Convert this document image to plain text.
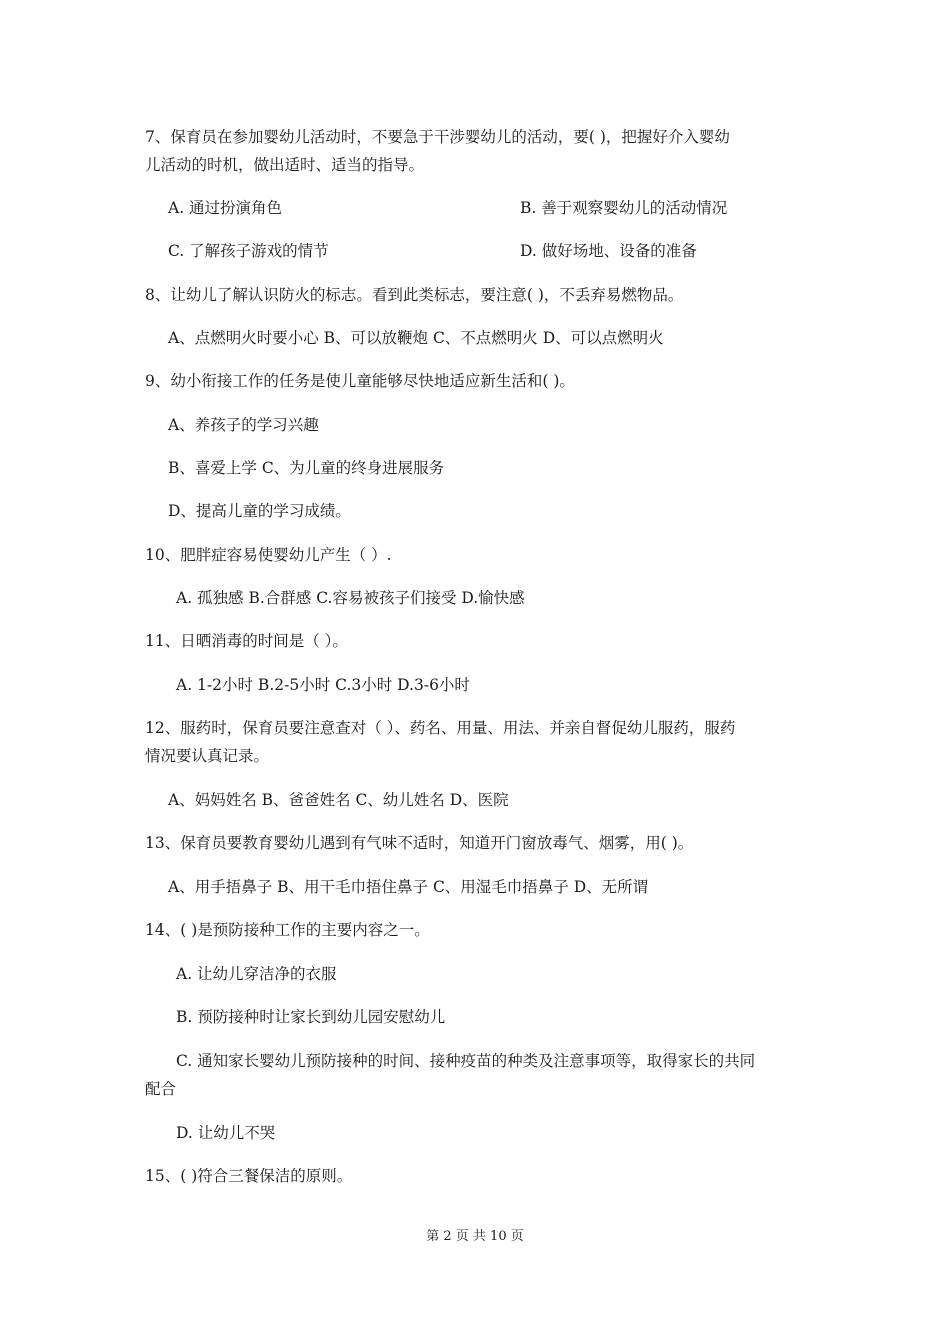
7、保育员在参加婴幼儿活动时，不要急于干涉婴幼儿的活动，要( )，把握好介入婴幼
儿活动的时机，做出适时、适当的指导。
A. 通过扮演角色	B. 善于观察婴幼儿的活动情况
C. 了解孩子游戏的情节	D. 做好场地、设备的准备
8、让幼儿了解认识防火的标志。看到此类标志，要注意( )，不丢弃易燃物品。
A、点燃明火时要小心 B、可以放鞭炮 C、不点燃明火 D、可以点燃明火
9、幼小衔接工作的任务是使儿童能够尽快地适应新生活和( )。
A、养孩子的学习兴趣
B、喜爱上学 C、为儿童的终身进展服务
D、提高儿童的学习成绩。
10、肥胖症容易使婴幼儿产生（ ）.
A. 孤独感 B.合群感 C.容易被孩子们接受 D.愉快感
11、日晒消毒的时间是（ ）。
A. 1-2小时 B.2-5小时 C.3小时 D.3-6小时
12、服药时，保育员要注意查对（ ）、药名、用量、用法、并亲自督促幼儿服药，服药
情况要认真记录。
A、妈妈姓名 B、爸爸姓名 C、幼儿姓名 D、医院
13、保育员要教育婴幼儿遇到有气味不适时，知道开门窗放毒气、烟雾，用( )。
A、用手捂鼻子 B、用干毛巾捂住鼻子 C、用湿毛巾捂鼻子 D、无所谓
14、( )是预防接种工作的主要内容之一。
A. 让幼儿穿洁净的衣服
B. 预防接种时让家长到幼儿园安慰幼儿
C. 通知家长婴幼儿预防接种的时间、接种疫苗的种类及注意事项等，取得家长的共同
配合
D. 让幼儿不哭
15、( )符合三餐保洁的原则。
第 2 页 共 10 页
